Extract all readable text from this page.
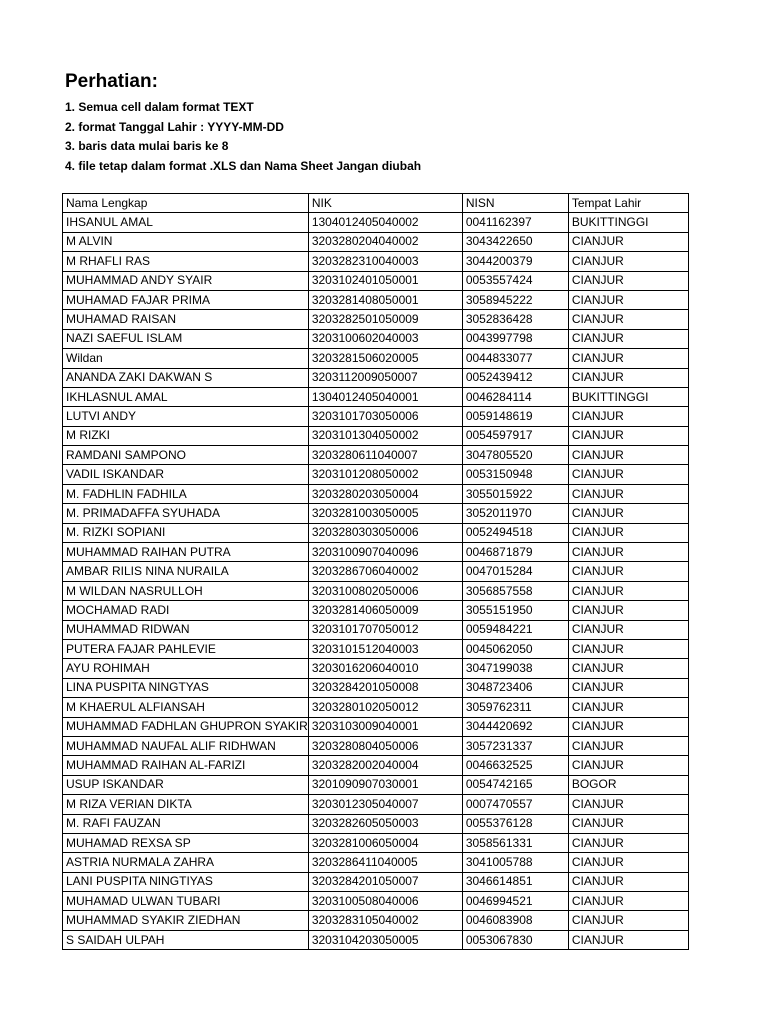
Perhatian:
1. Semua cell dalam format TEXT
2. format Tanggal Lahir : YYYY-MM-DD
3. baris data mulai baris ke 8
4. file tetap dalam format .XLS dan Nama Sheet Jangan diubah
Nama Lengkap	NIK	NISN	Tempat Lahir
IHSANUL AMAL	1304012405040002	0041162397	BUKITTINGGI
M ALVIN	3203280204040002	3043422650	CIANJUR
M RHAFLI RAS	3203282310040003	3044200379	CIANJUR
MUHAMMAD ANDY SYAIR	3203102401050001	0053557424	CIANJUR
MUHAMAD FAJAR PRIMA	3203281408050001	3058945222	CIANJUR
MUHAMAD RAISAN	3203282501050009	3052836428	CIANJUR
NAZI SAEFUL ISLAM	3203100602040003	0043997798	CIANJUR
Wildan	3203281506020005	0044833077	CIANJUR
ANANDA ZAKI DAKWAN S	3203112009050007	0052439412	CIANJUR
IKHLASNUL AMAL	1304012405040001	0046284114	BUKITTINGGI
LUTVI ANDY	3203101703050006	0059148619	CIANJUR
M RIZKI	3203101304050002	0054597917	CIANJUR
RAMDANI SAMPONO	3203280611040007	3047805520	CIANJUR
VADIL ISKANDAR	3203101208050002	0053150948	CIANJUR
M. FADHLIN FADHILA	3203280203050004	3055015922	CIANJUR
M. PRIMADAFFA SYUHADA	3203281003050005	3052011970	CIANJUR
M. RIZKI SOPIANI	3203280303050006	0052494518	CIANJUR
MUHAMMAD RAIHAN PUTRA	3203100907040096	0046871879	CIANJUR
AMBAR RILIS NINA NURAILA	3203286706040002	0047015284	CIANJUR
M WILDAN NASRULLOH	3203100802050006	3056857558	CIANJUR
MOCHAMAD RADI	3203281406050009	3055151950	CIANJUR
MUHAMMAD RIDWAN	3203101707050012	0059484221	CIANJUR
PUTERA FAJAR PAHLEVIE	3203101512040003	0045062050	CIANJUR
AYU ROHIMAH	3203016206040010	3047199038	CIANJUR
LINA PUSPITA NINGTYAS	3203284201050008	3048723406	CIANJUR
M KHAERUL ALFIANSAH	3203280102050012	3059762311	CIANJUR
MUHAMMAD FADHLAN GHUPRON SYAKIR	3203103009040001	3044420692	CIANJUR
MUHAMMAD NAUFAL ALIF RIDHWAN	3203280804050006	3057231337	CIANJUR
MUHAMMAD RAIHAN AL-FARIZI	3203282002040004	0046632525	CIANJUR
USUP ISKANDAR	3201090907030001	0054742165	BOGOR
M RIZA VERIAN DIKTA	3203012305040007	0007470557	CIANJUR
M. RAFI FAUZAN	3203282605050003	0055376128	CIANJUR
MUHAMAD REXSA SP	3203281006050004	3058561331	CIANJUR
ASTRIA NURMALA ZAHRA	3203286411040005	3041005788	CIANJUR
LANI PUSPITA NINGTIYAS	3203284201050007	3046614851	CIANJUR
MUHAMAD ULWAN TUBARI	3203100508040006	0046994521	CIANJUR
MUHAMMAD SYAKIR ZIEDHAN	3203283105040002	0046083908	CIANJUR
S SAIDAH ULPAH	3203104203050005	0053067830	CIANJUR
